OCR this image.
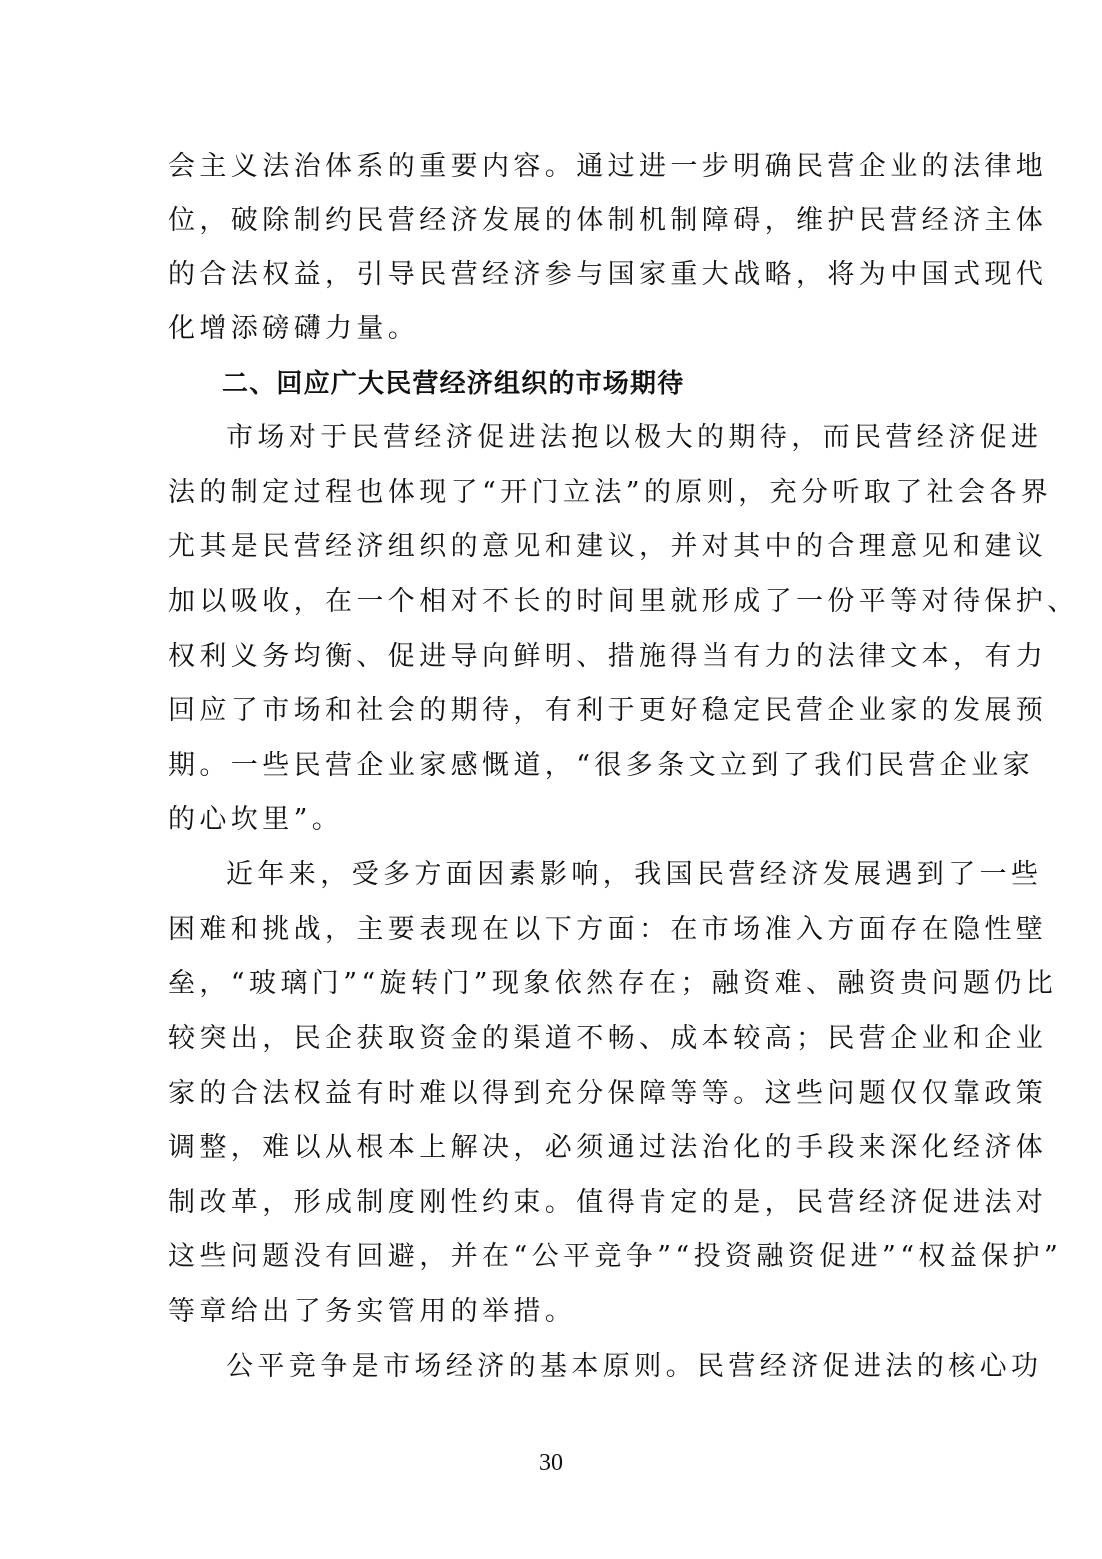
会主义法治体系的重要内容。通过进一步明确民营企业的法律地
位，破除制约民营经济发展的体制机制障碍，维护民营经济主体
的合法权益，引导民营经济参与国家重大战略，将为中国式现代
化增添磅礴力量。
二、回应广大民营经济组织的市场期待
市场对于民营经济促进法抱以极大的期待，而民营经济促进
法的制定过程也体现了“开门立法”的原则，充分听取了社会各界
尤其是民营经济组织的意见和建议，并对其中的合理意见和建议
加以吸收，在一个相对不长的时间里就形成了一份平等对待保护、
权利义务均衡、促进导向鲜明、措施得当有力的法律文本，有力
回应了市场和社会的期待，有利于更好稳定民营企业家的发展预
期。一些民营企业家感慨道，“很多条文立到了我们民营企业家
的心坎里”。
近年来，受多方面因素影响，我国民营经济发展遇到了一些
困难和挑战，主要表现在以下方面：在市场准入方面存在隐性壁
垒，“玻璃门”“旋转门”现象依然存在；融资难、融资贵问题仍比
较突出，民企获取资金的渠道不畅、成本较高；民营企业和企业
家的合法权益有时难以得到充分保障等等。这些问题仅仅靠政策
调整，难以从根本上解决，必须通过法治化的手段来深化经济体
制改革，形成制度刚性约束。值得肯定的是，民营经济促进法对
这些问题没有回避，并在“公平竞争”“投资融资促进”“权益保护”
等章给出了务实管用的举措。
公平竞争是市场经济的基本原则。民营经济促进法的核心功
30
